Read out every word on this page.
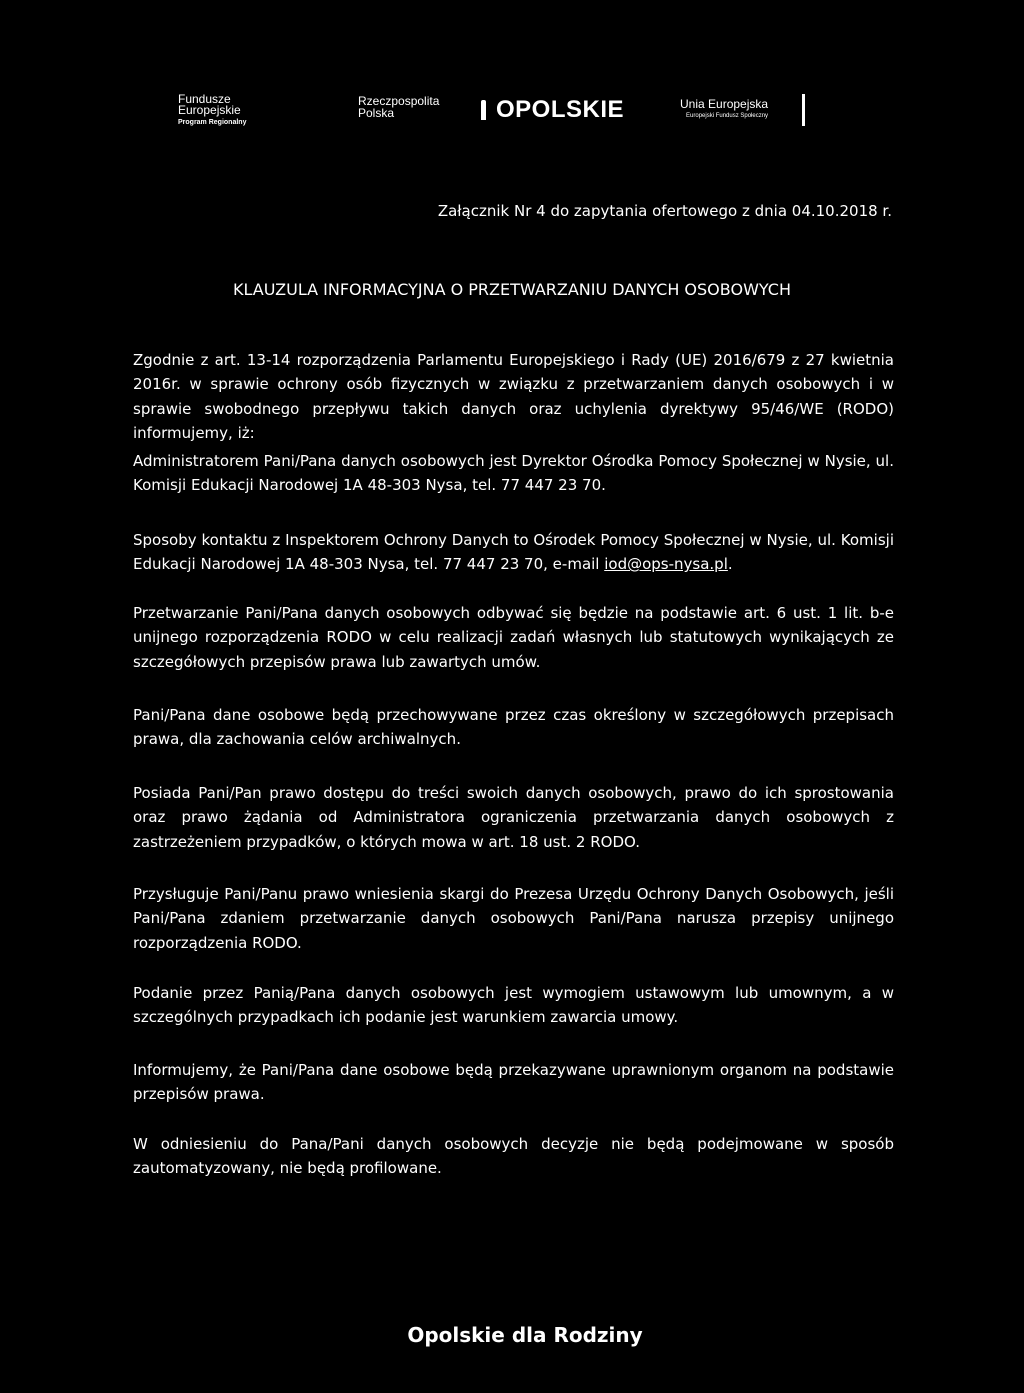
Fundusze
Europejskie
Program Regionalny
Rzeczpospolita
Polska	OPOLSKIE	Unia Europejska
Europejski Fundusz Społeczny
Załącznik Nr 4 do zapytania ofertowego z dnia 04.10.2018 r.
KLAUZULA INFORMACYJNA O PRZETWARZANIU DANYCH OSOBOWYCH

Zgodnie z art. 13-14 rozporządzenia Parlamentu Europejskiego i Rady (UE) 2016/679 z 27 kwietnia 2016r. w sprawie ochrony osób fizycznych w związku z przetwarzaniem danych osobowych i w sprawie swobodnego przepływu takich danych oraz uchylenia dyrektywy 95/46/WE (RODO) informujemy, iż:

Administratorem Pani/Pana danych osobowych jest Dyrektor Ośrodka Pomocy Społecznej w Nysie, ul. Komisji Edukacji Narodowej 1A 48-303 Nysa, tel. 77 447 23 70.

Sposoby kontaktu z Inspektorem Ochrony Danych to Ośrodek Pomocy Społecznej w Nysie, ul. Komisji Edukacji Narodowej 1A 48-303 Nysa, tel. 77 447 23 70, e-mail iod@ops-nysa.pl.

Przetwarzanie Pani/Pana danych osobowych odbywać się będzie na podstawie art. 6 ust. 1 lit. b-e unijnego rozporządzenia RODO w celu realizacji zadań własnych lub statutowych wynikających ze szczegółowych przepisów prawa lub zawartych umów.

Pani/Pana dane osobowe będą przechowywane przez czas określony w szczegółowych przepisach prawa, dla zachowania celów archiwalnych.

Posiada Pani/Pan prawo dostępu do treści swoich danych osobowych, prawo do ich sprostowania oraz prawo żądania od Administratora ograniczenia przetwarzania danych osobowych z zastrzeżeniem przypadków, o których mowa w art. 18 ust. 2 RODO.

Przysługuje Pani/Panu prawo wniesienia skargi do Prezesa Urzędu Ochrony Danych Osobowych, jeśli Pani/Pana zdaniem przetwarzanie danych osobowych Pani/Pana narusza przepisy unijnego rozporządzenia RODO.

Podanie przez Panią/Pana danych osobowych jest wymogiem ustawowym lub umownym, a w szczególnych przypadkach ich podanie jest warunkiem zawarcia umowy.

Informujemy, że Pani/Pana dane osobowe będą przekazywane uprawnionym organom na podstawie przepisów prawa.

W odniesieniu do Pana/Pani danych osobowych decyzje nie będą podejmowane w sposób zautomatyzowany, nie będą profilowane.

Opolskie dla Rodziny
